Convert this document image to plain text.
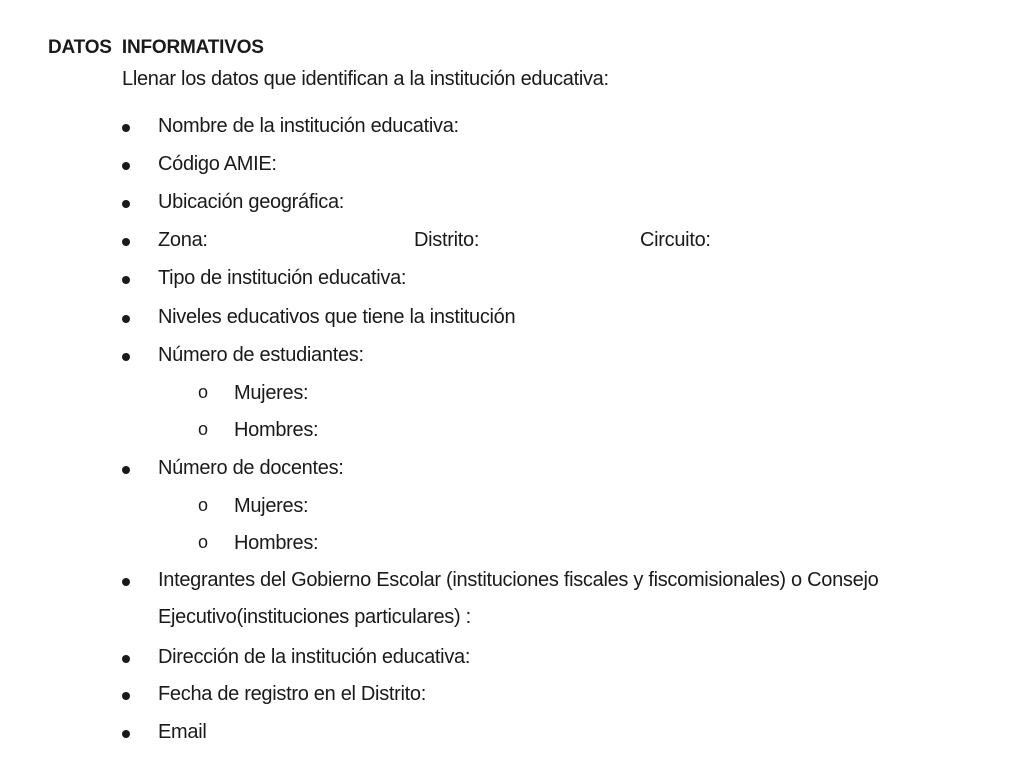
DATOS  INFORMATIVOS
Llenar los datos que identifican a la institución educativa:
Nombre de la institución educativa:
Código AMIE:
Ubicación geográfica:
Zona:	Distrito:	Circuito:
Tipo de institución educativa:
Niveles educativos que tiene la institución
Número de estudiantes:
o Mujeres:
o Hombres:
Número de docentes:
o Mujeres:
o Hombres:
Integrantes del Gobierno Escolar (instituciones fiscales y fiscomisionales) o Consejo
Ejecutivo(instituciones particulares) :
Dirección de la institución educativa:
Fecha de registro en el Distrito:
Email
